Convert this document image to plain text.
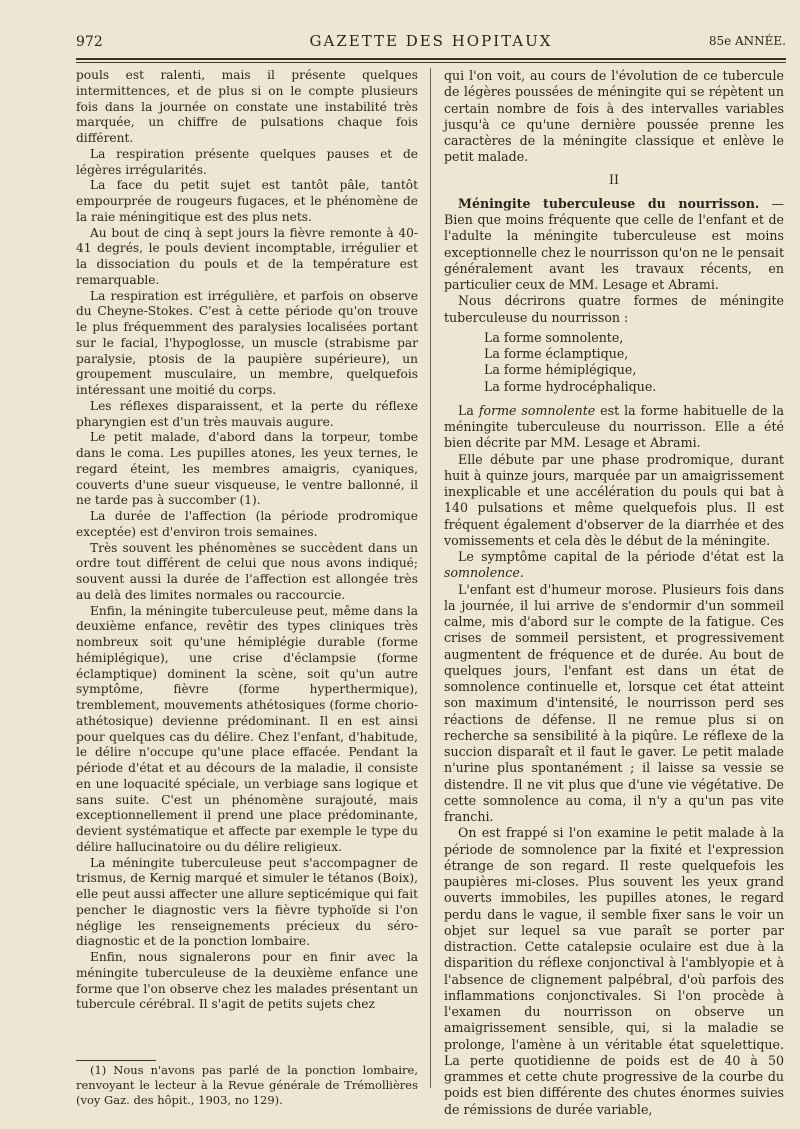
972	GAZETTE DES HOPITAUX	85e ANNÉE.

pouls est ralenti, mais il présente quelques intermittences, et de plus si on le compte plusieurs fois dans la journée on constate une instabilité très marquée, un chiffre de pulsations chaque fois différent.

La respiration présente quelques pauses et de légères irrégularités.

La face du petit sujet est tantôt pâle, tantôt empourprée de rougeurs fugaces, et le phénomène de la raie méningitique est des plus nets.

Au bout de cinq à sept jours la fièvre remonte à 40-41 degrés, le pouls devient incomptable, irrégulier et la dissociation du pouls et de la température est remarquable.

La respiration est irrégulière, et parfois on observe du Cheyne-Stokes. C'est à cette période qu'on trouve le plus fréquemment des paralysies localisées portant sur le facial, l'hypoglosse, un muscle (strabisme par paralysie, ptosis de la paupière supérieure), un groupement musculaire, un membre, quelquefois intéressant une moitié du corps.

Les réflexes disparaissent, et la perte du réflexe pharyngien est d'un très mauvais augure.

Le petit malade, d'abord dans la torpeur, tombe dans le coma. Les pupilles atones, les yeux ternes, le regard éteint, les membres amaigris, cyaniques, couverts d'une sueur visqueuse, le ventre ballonné, il ne tarde pas à succomber (1).

La durée de l'affection (la période prodromique exceptée) est d'environ trois semaines.

Très souvent les phénomènes se succèdent dans un ordre tout différent de celui que nous avons indiqué; souvent aussi la durée de l'affection est allongée très au delà des limites normales ou raccourcie.

Enfin, la méningite tuberculeuse peut, même dans la deuxième enfance, revêtir des types cliniques très nombreux soit qu'une hémiplégie durable (forme hémiplégique), une crise d'éclampsie (forme éclamptique) dominent la scène, soit qu'un autre symptôme, fièvre (forme hyperthermique), tremblement, mouvements athétosiques (forme chorio-athétosique) devienne prédominant. Il en est ainsi pour quelques cas du délire. Chez l'enfant, d'habitude, le délire n'occupe qu'une place effacée. Pendant la période d'état et au décours de la maladie, il consiste en une loquacité spéciale, un verbiage sans logique et sans suite. C'est un phénomène surajouté, mais exceptionnellement il prend une place prédominante, devient systématique et affecte par exemple le type du délire hallucinatoire ou du délire religieux.

La méningite tuberculeuse peut s'accompagner de trismus, de Kernig marqué et simuler le tétanos (Boix), elle peut aussi affecter une allure septicémique qui fait pencher le diagnostic vers la fièvre typhoïde si l'on néglige les renseignements précieux du séro-diagnostic et de la ponction lombaire.

Enfin, nous signalerons pour en finir avec la méningite tuberculeuse de la deuxième enfance une forme que l'on observe chez les malades présentant un tubercule cérébral. Il s'agit de petits sujets chez

qui l'on voit, au cours de l'évolution de ce tubercule de légères poussées de méningite qui se répètent un certain nombre de fois à des intervalles variables jusqu'à ce qu'une dernière poussée prenne les caractères de la méningite classique et enlève le petit malade.

II

Méningite tuberculeuse du nourrisson. — Bien que moins fréquente que celle de l'enfant et de l'adulte la méningite tuberculeuse est moins exceptionnelle chez le nourrisson qu'on ne le pensait généralement avant les travaux récents, en particulier ceux de MM. Lesage et Abrami.

Nous décrirons quatre formes de méningite tuberculeuse du nourrisson :

La forme somnolente,
La forme éclamptique,
La forme hémiplégique,
La forme hydrocéphalique.

La forme somnolente est la forme habituelle de la méningite tuberculeuse du nourrisson. Elle a été bien décrite par MM. Lesage et Abrami.

Elle débute par une phase prodromique, durant huit à quinze jours, marquée par un amaigrissement inexplicable et une accélération du pouls qui bat à 140 pulsations et même quelquefois plus. Il est fréquent également d'observer de la diarrhée et des vomissements et cela dès le début de la méningite.

Le symptôme capital de la période d'état est la somnolence.

L'enfant est d'humeur morose. Plusieurs fois dans la journée, il lui arrive de s'endormir d'un sommeil calme, mis d'abord sur le compte de la fatigue. Ces crises de sommeil persistent, et progressivement augmentent de fréquence et de durée. Au bout de quelques jours, l'enfant est dans un état de somnolence continuelle et, lorsque cet état atteint son maximum d'intensité, le nourrisson perd ses réactions de défense. Il ne remue plus si on recherche sa sensibilité à la piqûre. Le réflexe de la succion disparaît et il faut le gaver. Le petit malade n'urine plus spontanément ; il laisse sa vessie se distendre. Il ne vit plus que d'une vie végétative. De cette somnolence au coma, il n'y a qu'un pas vite franchi.

On est frappé si l'on examine le petit malade à la période de somnolence par la fixité et l'expression étrange de son regard. Il reste quelquefois les paupières mi-closes. Plus souvent les yeux grand ouverts immobiles, les pupilles atones, le regard perdu dans le vague, il semble fixer sans le voir un objet sur lequel sa vue paraît se porter par distraction. Cette catalepsie oculaire est due à la disparition du réflexe conjonctival à l'amblyopie et à l'absence de clignement palpébral, d'où parfois des inflammations conjonctivales. Si l'on procède à l'examen du nourrisson on observe un amaigrissement sensible, qui, si la maladie se prolonge, l'amène à un véritable état squelettique. La perte quotidienne de poids est de 40 à 50 grammes et cette chute progressive de la courbe du poids est bien différente des chutes énormes suivies de rémissions de durée variable,

(1) Nous n'avons pas parlé de la ponction lombaire, renvoyant le lecteur à la Revue générale de Trémollières (voy Gaz. des hôpit., 1903, no 129).
